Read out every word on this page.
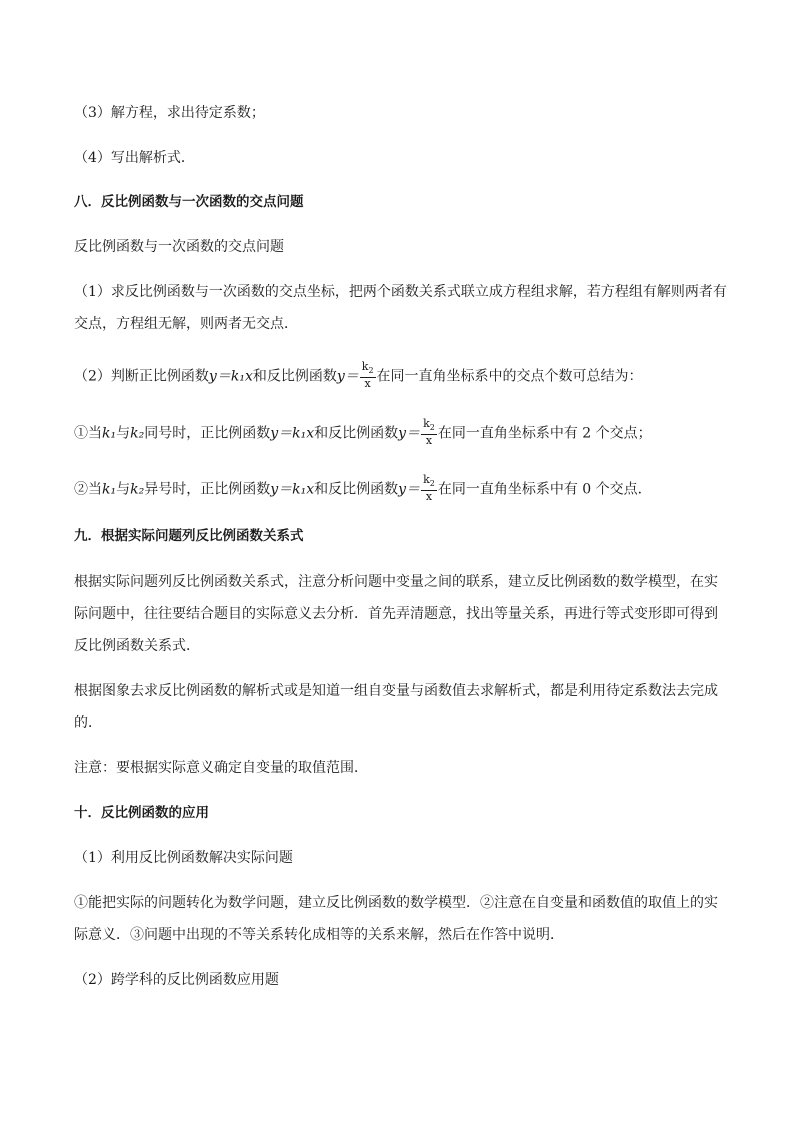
（3）解方程，求出待定系数；
（4）写出解析式．
八．反比例函数与一次函数的交点问题
反比例函数与一次函数的交点问题
（1）求反比例函数与一次函数的交点坐标，把两个函数关系式联立成方程组求解，若方程组有解则两者有
交点，方程组无解，则两者无交点．
（2）判断正比例函数y＝k₁x和反比例函数$y= \frac{k_2}{x}$ 在同一直角坐标系中的交点个数可总结为：
①当k₁与k₂同号时，正比例函数y＝k₁x和反比例函数$y= \frac{k_2}{x}$ 在同一直角坐标系中有 2 个交点；
②当k₁与k₂异号时，正比例函数y＝k₁x和反比例函数$y= \frac{k_2}{x}$ 在同一直角坐标系中有 0 个交点．
九．根据实际问题列反比例函数关系式
根据实际问题列反比例函数关系式，注意分析问题中变量之间的联系，建立反比例函数的数学模型，在实
际问题中，往往要结合题目的实际意义去分析．首先弄清题意，找出等量关系，再进行等式变形即可得到
反比例函数关系式．
根据图象去求反比例函数的解析式或是知道一组自变量与函数值去求解析式，都是利用待定系数法去完成
的．
注意：要根据实际意义确定自变量的取值范围．
十．反比例函数的应用
（1）利用反比例函数解决实际问题
①能把实际的问题转化为数学问题，建立反比例函数的数学模型．②注意在自变量和函数值的取值上的实
际意义．③问题中出现的不等关系转化成相等的关系来解，然后在作答中说明．
（2）跨学科的反比例函数应用题
